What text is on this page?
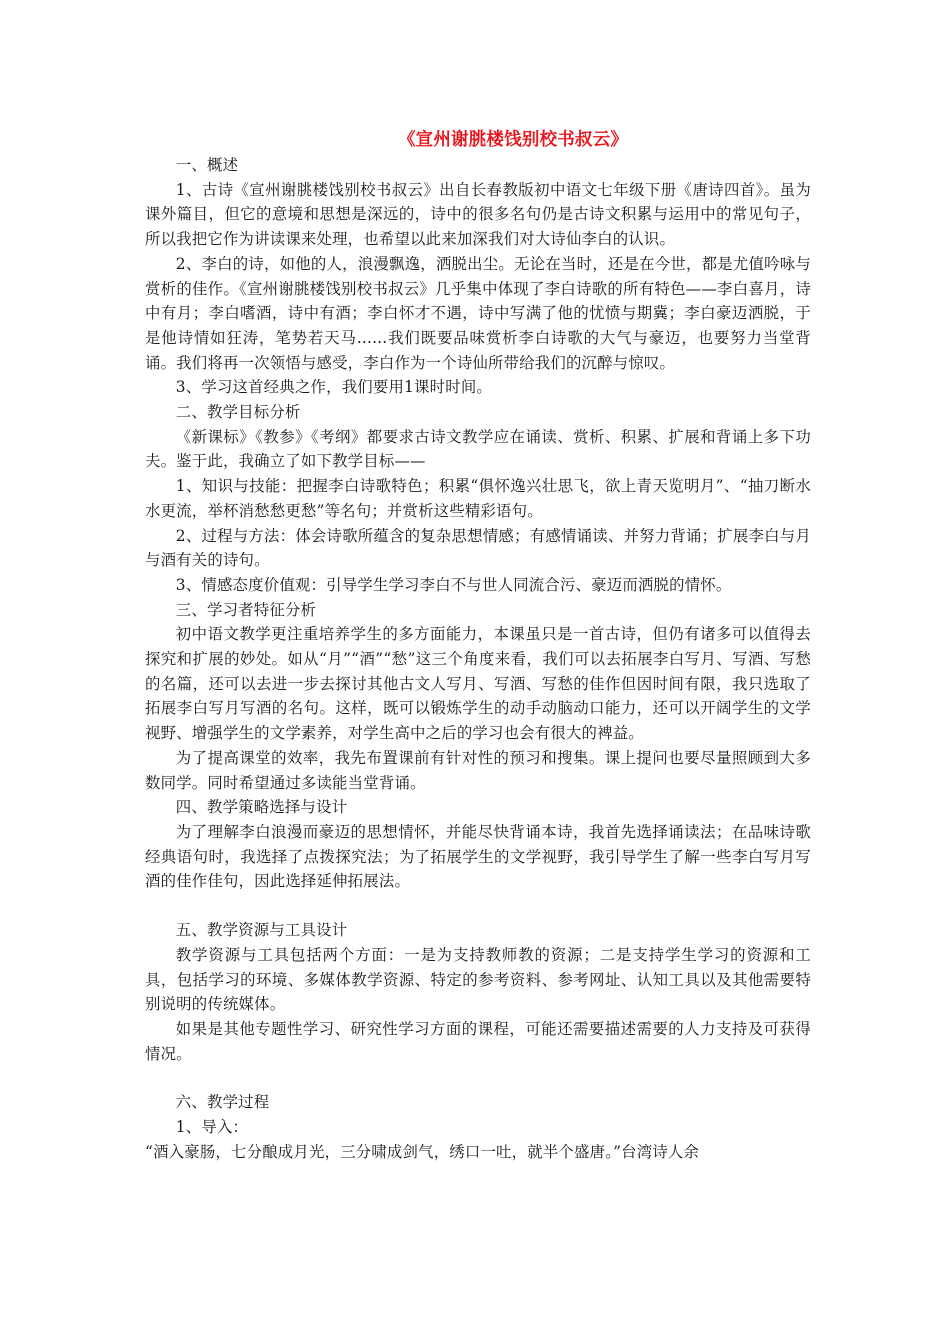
《宣州谢朓楼饯别校书叔云》

一、概述

1、古诗《宣州谢朓楼饯别校书叔云》出自长春教版初中语文七年级下册《唐诗四首》。虽为课外篇目，但它的意境和思想是深远的，诗中的很多名句仍是古诗文积累与运用中的常见句子，所以我把它作为讲读课来处理，也希望以此来加深我们对大诗仙李白的认识。

2、李白的诗，如他的人，浪漫飘逸，洒脱出尘。无论在当时，还是在今世，都是尤值吟咏与赏析的佳作。《宣州谢朓楼饯别校书叔云》几乎集中体现了李白诗歌的所有特色——李白喜月，诗中有月；李白嗜酒，诗中有酒；李白怀才不遇，诗中写满了他的忧愤与期冀；李白豪迈洒脱，于是他诗情如狂涛，笔势若天马......我们既要品味赏析李白诗歌的大气与豪迈，也要努力当堂背诵。我们将再一次领悟与感受，李白作为一个诗仙所带给我们的沉醉与惊叹。

3、学习这首经典之作，我们要用1课时时间。

二、教学目标分析

《新课标》《教参》《考纲》都要求古诗文教学应在诵读、赏析、积累、扩展和背诵上多下功夫。鉴于此，我确立了如下教学目标——

1、知识与技能：把握李白诗歌特色；积累“俱怀逸兴壮思飞，欲上青天览明月”、“抽刀断水水更流，举杯消愁愁更愁”等名句；并赏析这些精彩语句。

2、过程与方法：体会诗歌所蕴含的复杂思想情感；有感情诵读、并努力背诵；扩展李白与月与酒有关的诗句。

3、情感态度价值观：引导学生学习李白不与世人同流合污、豪迈而洒脱的情怀。

三、学习者特征分析

初中语文教学更注重培养学生的多方面能力，本课虽只是一首古诗，但仍有诸多可以值得去探究和扩展的妙处。如从“月”“酒”“愁”这三个角度来看，我们可以去拓展李白写月、写酒、写愁的名篇，还可以去进一步去探讨其他古文人写月、写酒、写愁的佳作但因时间有限，我只选取了拓展李白写月写酒的名句。这样，既可以锻炼学生的动手动脑动口能力，还可以开阔学生的文学视野、增强学生的文学素养，对学生高中之后的学习也会有很大的裨益。

为了提高课堂的效率，我先布置课前有针对性的预习和搜集。课上提问也要尽量照顾到大多数同学。同时希望通过多读能当堂背诵。

四、教学策略选择与设计

为了理解李白浪漫而豪迈的思想情怀，并能尽快背诵本诗，我首先选择诵读法；在品味诗歌经典语句时，我选择了点拨探究法；为了拓展学生的文学视野，我引导学生了解一些李白写月写酒的佳作佳句，因此选择延伸拓展法。

五、教学资源与工具设计

教学资源与工具包括两个方面：一是为支持教师教的资源；二是支持学生学习的资源和工具，包括学习的环境、多媒体教学资源、特定的参考资料、参考网址、认知工具以及其他需要特别说明的传统媒体。

如果是其他专题性学习、研究性学习方面的课程，可能还需要描述需要的人力支持及可获得情况。

六、教学过程

1、导入：

“酒入豪肠，七分酿成月光，三分啸成剑气，绣口一吐，就半个盛唐。”台湾诗人余
